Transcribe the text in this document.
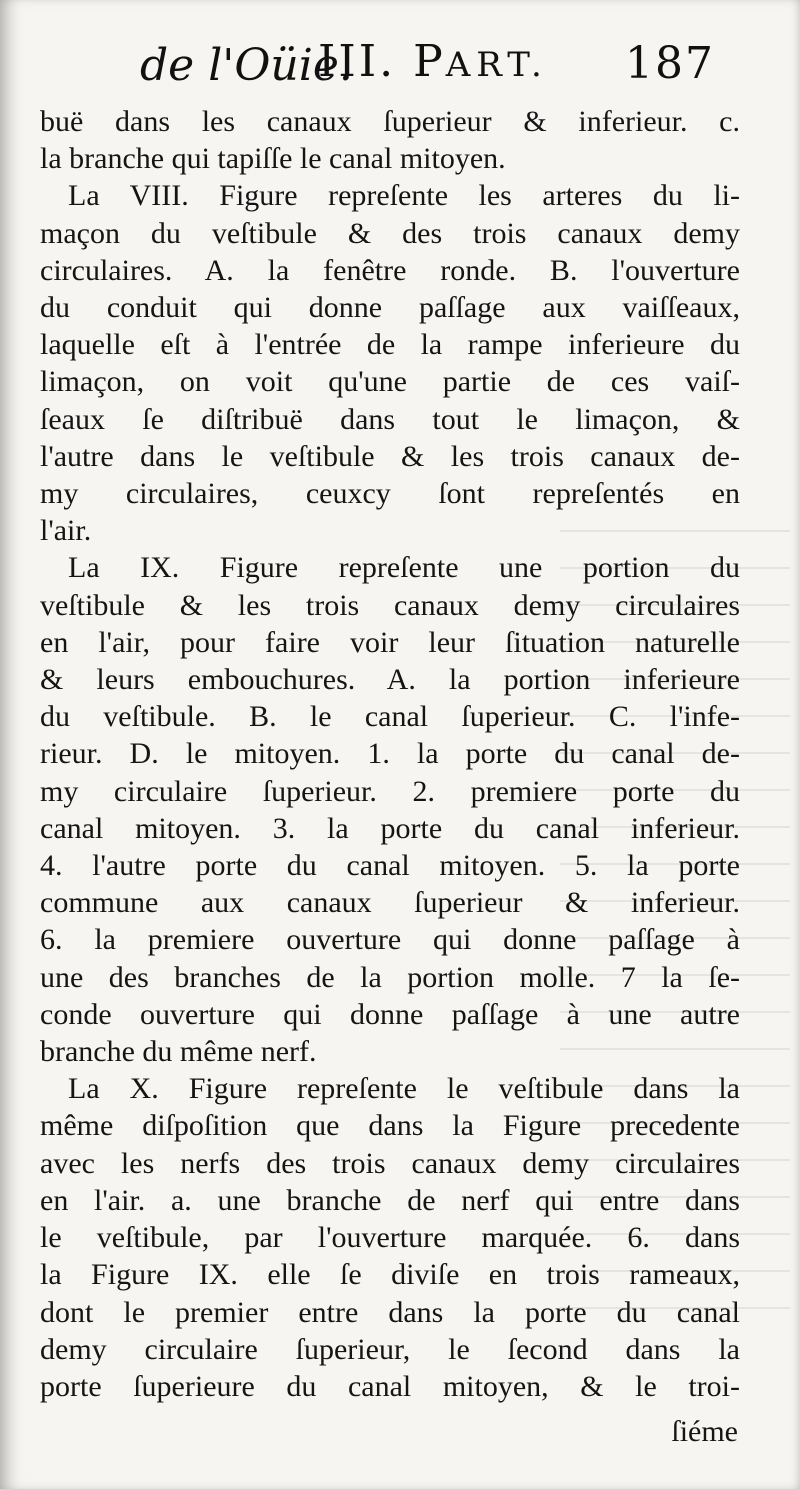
de l'Oüie.
III. PART. 187
buë dans les canaux ſuperieur & inferieur. c.
la branche qui tapiſſe le canal mitoyen.
La VIII. Figure repreſente les arteres du li-
maçon du veſtibule & des trois canaux demy
circulaires. A. la fenêtre ronde. B. l'ouverture
du conduit qui donne paſſage aux vaiſſeaux,
laquelle eſt à l'entrée de la rampe inferieure du
limaçon, on voit qu'une partie de ces vaiſ-
ſeaux ſe diſtribuë dans tout le limaçon, &
l'autre dans le veſtibule & les trois canaux de-
my circulaires, ceuxcy ſont repreſentés en
l'air.
La IX. Figure repreſente une portion du
veſtibule & les trois canaux demy circulaires
en l'air, pour faire voir leur ſituation naturelle
& leurs embouchures. A. la portion inferieure
du veſtibule. B. le canal ſuperieur. C. l'infe-
rieur. D. le mitoyen. 1. la porte du canal de-
my circulaire ſuperieur. 2. premiere porte du
canal mitoyen. 3. la porte du canal inferieur.
4. l'autre porte du canal mitoyen. 5. la porte
commune aux canaux ſuperieur & inferieur.
6. la premiere ouverture qui donne paſſage à
une des branches de la portion molle. 7 la ſe-
conde ouverture qui donne paſſage à une autre
branche du même nerf.
La X. Figure repreſente le veſtibule dans la
même diſpoſition que dans la Figure precedente
avec les nerfs des trois canaux demy circulaires
en l'air. a. une branche de nerf qui entre dans
le veſtibule, par l'ouverture marquée. 6. dans
la Figure IX. elle ſe diviſe en trois rameaux,
dont le premier entre dans la porte du canal
demy circulaire ſuperieur, le ſecond dans la
porte ſuperieure du canal mitoyen, & le troi-
ſiéme
